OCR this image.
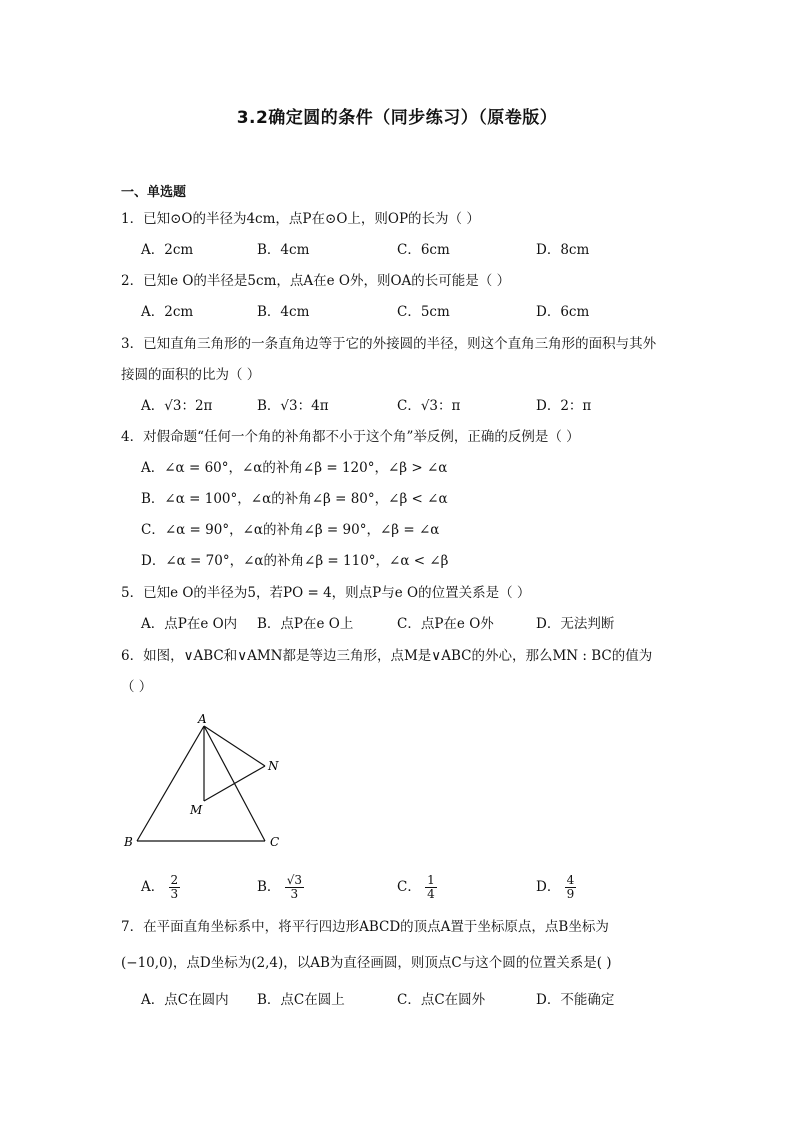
3.2确定圆的条件（同步练习）（原卷版）
一、单选题
1．已知⊙O的半径为4cm，点P在⊙O上，则OP的长为（ ）
A．2cm	B．4cm	C．6cm	D．8cm
2．已知e O的半径是5cm，点A在e O外，则OA的长可能是（ ）
A．2cm	B．4cm	C．5cm	D．6cm
3．已知直角三角形的一条直角边等于它的外接圆的半径，则这个直角三角形的面积与其外
接圆的面积的比为（ ）
A．√3：2π	B．√3：4π	C．√3：π	D．2：π
4．对假命题“任何一个角的补角都不小于这个角”举反例，正确的反例是（ ）
A．∠α = 60°，∠α的补角∠β = 120°，∠β > ∠α
B．∠α = 100°，∠α的补角∠β = 80°，∠β < ∠α
C．∠α = 90°，∠α的补角∠β = 90°，∠β = ∠α
D．∠α = 70°，∠α的补角∠β = 110°，∠α < ∠β
5．已知e O的半径为5，若PO = 4，则点P与e O的位置关系是（ ）
A．点P在e O内 B．点P在e O上	C．点P在e O外	D．无法判断
6．如图，∨ABC和∨AMN都是等边三角形，点M是∨ABC的外心，那么MN : BC的值为
（ ）
A
N
M
B	C
A． $\frac{2}{3}$	B． $\frac{√3}{3}$	C． $\frac{1}{4}$	D． $\frac{4}{9}$
7．在平面直角坐标系中，将平行四边形ABCD的顶点A置于坐标原点，点B坐标为
(−10,0)，点D坐标为(2,4)，以AB为直径画圆，则顶点C与这个圆的位置关系是( )
A．点C在圆内 B．点C在圆上	C．点C在圆外	D．不能确定
